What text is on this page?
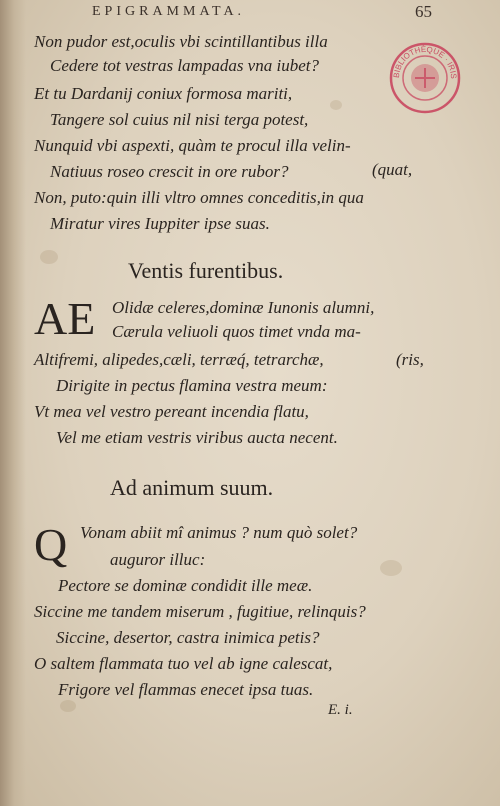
EPIGRAMMATA.	65
BIBLIOTHÈQUE · IRIS
Non pudor est,oculis vbi scintillantibus illa
Cedere tot vestras lampadas vna iubet?
Et tu Dardanij coniux formosa mariti,
Tangere sol cuius nil nisi terga potest,
Nunquid vbi aspexti, quàm te procul illa velin-
Natiuus roseo crescit in ore rubor?	(quat,
Non, puto:quin illi vltro omnes conceditis,in qua
Miratur vires Iuppiter ipse suas.
Ventis furentibus.
AE Olidæ celeres,dominæ Iunonis alumni,
Cærula veliuoli quos timet vnda ma-
Altifremi, alipedes,cæli, terræq́, tetrarchæ,	(ris,
Dirigite in pectus flamina vestra meum:
Vt mea vel vestro pereant incendia flatu,
Vel me etiam vestris viribus aucta necent.
Ad animum suum.
Q Vonam abiit mî animus ? num quò solet?
auguror illuc:
Pectore se dominæ condidit ille meæ.
Siccine me tandem miserum , fugitiue, relinquis?
Siccine, desertor, castra inimica petis?
O saltem flammata tuo vel ab igne calescat,
Frigore vel flammas enecet ipsa tuas.
E. i.
